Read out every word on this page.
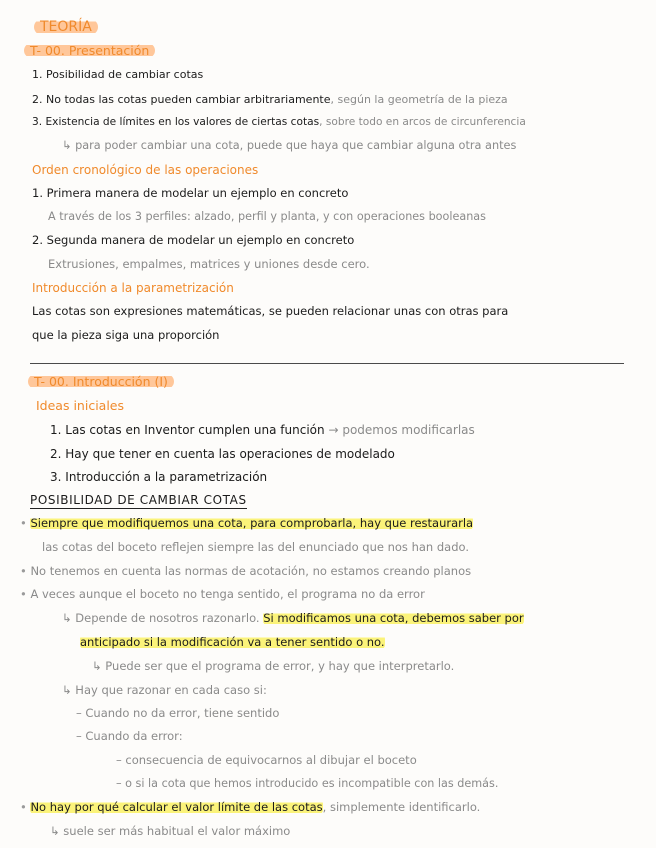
TEORÍA
T- 00. Presentación
1. Posibilidad de cambiar cotas
2. No todas las cotas pueden cambiar arbitrariamente, según la geometría de la pieza
3. Existencia de límites en los valores de ciertas cotas, sobre todo en arcos de circunferencia
↳ para poder cambiar una cota, puede que haya que cambiar alguna otra antes
Orden cronológico de las operaciones
1. Primera manera de modelar un ejemplo en concreto
A través de los 3 perfiles: alzado, perfil y planta, y con operaciones booleanas
2. Segunda manera de modelar un ejemplo en concreto
Extrusiones, empalmes, matrices y uniones desde cero.
Introducción a la parametrización
Las cotas son expresiones matemáticas, se pueden relacionar unas con otras para
que la pieza siga una proporción
T- 00. Introducción (I)
Ideas iniciales
1. Las cotas en Inventor cumplen una función → podemos modificarlas
2. Hay que tener en cuenta las operaciones de modelado
3. Introducción a la parametrización
POSIBILIDAD DE CAMBIAR COTAS
• Siempre que modifiquemos una cota, para comprobarla, hay que restaurarla
las cotas del boceto reflejen siempre las del enunciado que nos han dado.
• No tenemos en cuenta las normas de acotación, no estamos creando planos
• A veces aunque el boceto no tenga sentido, el programa no da error
↳ Depende de nosotros razonarlo. Si modificamos una cota, debemos saber por
anticipado si la modificación va a tener sentido o no.
↳ Puede ser que el programa de error, y hay que interpretarlo.
↳ Hay que razonar en cada caso si:
– Cuando no da error, tiene sentido
– Cuando da error:
– consecuencia de equivocarnos al dibujar el boceto
– o si la cota que hemos introducido es incompatible con las demás.
• No hay por qué calcular el valor límite de las cotas, simplemente identificarlo.
↳ suele ser más habitual el valor máximo
